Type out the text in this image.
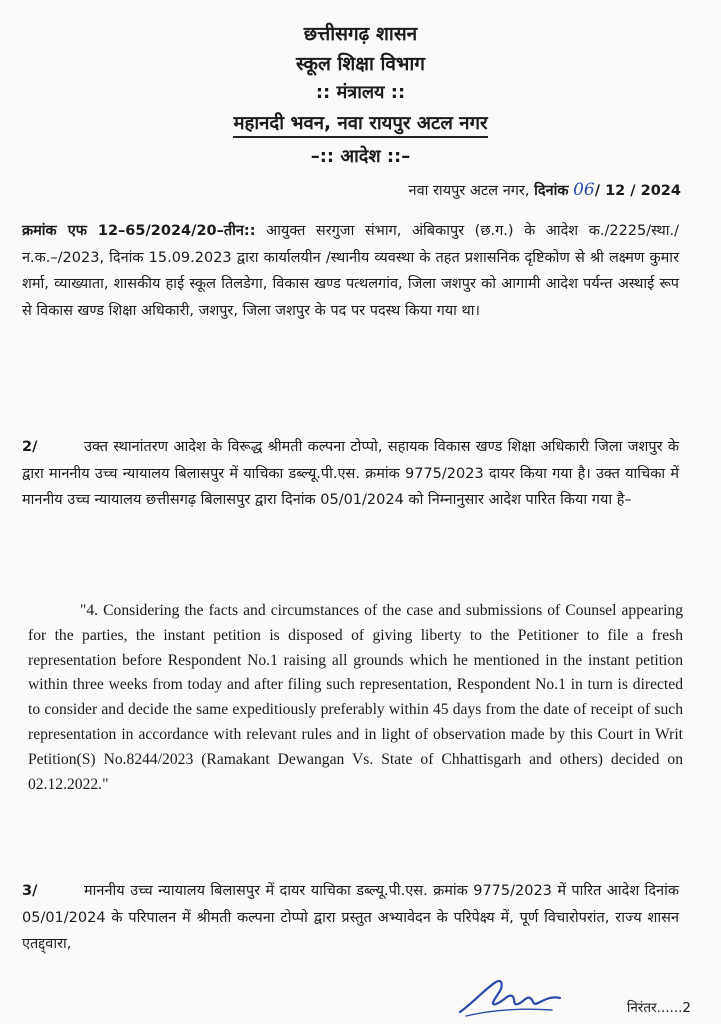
छत्तीसगढ़ शासन
स्कूल शिक्षा विभाग
:: मंत्रालय ::
महानदी भवन, नवा रायपुर अटल नगर
–:: आदेश ::–
नवा रायपुर अटल नगर, दिनांक 06/ 12 / 2024
क्रमांक एफ 12–65/2024/20–तीन:: आयुक्त सरगुजा संभाग, अंबिकापुर (छ.ग.) के आदेश क./2225/स्था./न.क.–/2023, दिनांक 15.09.2023 द्वारा कार्यालयीन /स्थानीय व्यवस्था के तहत प्रशासनिक दृष्टिकोण से श्री लक्ष्मण कुमार शर्मा, व्याख्याता, शासकीय हाई स्कूल तिलडेगा, विकास खण्ड पत्थलगांव, जिला जशपुर को आगामी आदेश पर्यन्त अस्थाई रूप से विकास खण्ड शिक्षा अधिकारी, जशपुर, जिला जशपुर के पद पर पदस्थ किया गया था।
2/	उक्त स्थानांतरण आदेश के विरूद्ध श्रीमती कल्पना टोप्पो, सहायक विकास खण्ड शिक्षा अधिकारी जिला जशपुर के द्वारा माननीय उच्च न्यायालय बिलासपुर में याचिका डब्ल्यू.पी.एस. क्रमांक 9775/2023 दायर किया गया है। उक्त याचिका में माननीय उच्च न्यायालय छत्तीसगढ़ बिलासपुर द्वारा दिनांक 05/01/2024 को निम्नानुसार आदेश पारित किया गया है–
"4. Considering the facts and circumstances of the case and submissions of Counsel appearing for the parties, the instant petition is disposed of giving liberty to the Petitioner to file a fresh representation before Respondent No.1 raising all grounds which he mentioned in the instant petition within three weeks from today and after filing such representation, Respondent No.1 in turn is directed to consider and decide the same expeditiously preferably within 45 days from the date of receipt of such representation in accordance with relevant rules and in light of observation made by this Court in Writ Petition(S) No.8244/2023 (Ramakant Dewangan Vs. State of Chhattisgarh and others) decided on 02.12.2022."
3/	माननीय उच्च न्यायालय बिलासपुर में दायर याचिका डब्ल्यू.पी.एस. क्रमांक 9775/2023 में पारित आदेश दिनांक 05/01/2024 के परिपालन में श्रीमती कल्पना टोप्पो द्वारा प्रस्तुत अभ्यावेदन के परिपेक्ष्य में, पूर्ण विचारोपरांत, राज्य शासन एतद्द्वारा,
निरंतर......2
